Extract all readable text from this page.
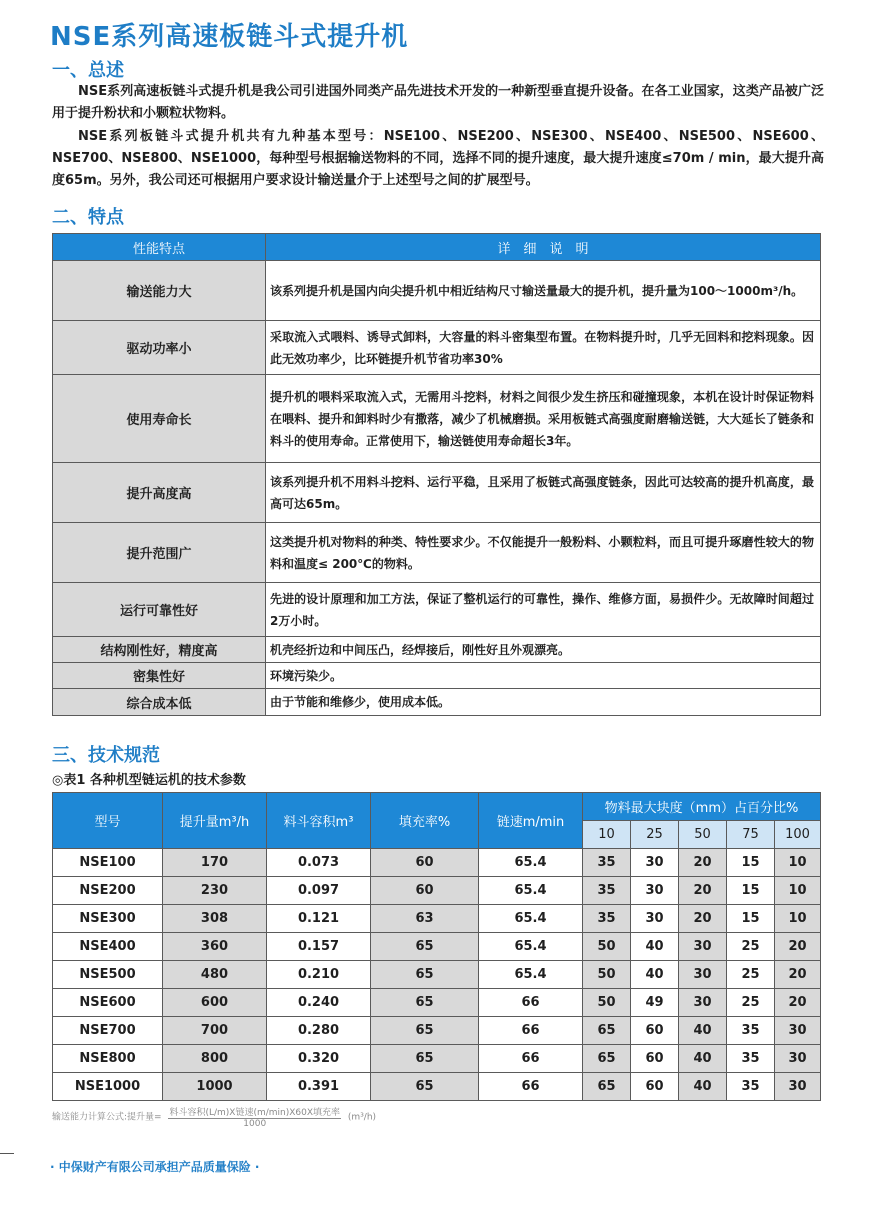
NSE系列高速板链斗式提升机
一、总述

NSE系列高速板链斗式提升机是我公司引进国外同类产品先进技术开发的一种新型垂直提升设备。在各工业国家，这类产品被广泛用于提升粉状和小颗粒状物料。

NSE系列板链斗式提升机共有九种基本型号：NSE100、NSE200、NSE300、NSE400、NSE500、NSE600、NSE700、NSE800、NSE1000，每种型号根据输送物料的不同，选择不同的提升速度，最大提升速度≤70m / min，最大提升高度65m。另外，我公司还可根据用户要求设计输送量介于上述型号之间的扩展型号。

二、特点
性能特点	详　细　说　明
输送能力大	该系列提升机是国内向尖提升机中相近结构尺寸输送量最大的提升机，提升量为100～1000m³/h。
驱动功率小	采取流入式喂料、诱导式卸料，大容量的料斗密集型布置。在物料提升时，几乎无回料和挖料现象。因此无效功率少，比环链提升机节省功率30%
使用寿命长	提升机的喂料采取流入式，无需用斗挖料，材料之间很少发生挤压和碰撞现象，本机在设计时保证物料在喂料、提升和卸料时少有撒落，减少了机械磨损。采用板链式高强度耐磨输送链，大大延长了链条和料斗的使用寿命。正常使用下，输送链使用寿命超长3年。
提升高度高	该系列提升机不用料斗挖料、运行平稳，且采用了板链式高强度链条，因此可达较高的提升机高度，最高可达65m。
提升范围广	这类提升机对物料的种类、特性要求少。不仅能提升一般粉料、小颗粒料，而且可提升琢磨性较大的物料和温度≤ 200℃的物料。
运行可靠性好	先进的设计原理和加工方法，保证了整机运行的可靠性，操作、维修方面，易损件少。无故障时间超过2万小时。
结构刚性好，精度高	机壳经折边和中间压凸，经焊接后，刚性好且外观漂亮。
密集性好	环境污染少。
综合成本低	由于节能和维修少，使用成本低。
三、技术规范

◎表1 各种机型链运机的技术参数

型号	提升量m³/h	料斗容积m³	填充率%	链速m/min	物料最大块度（mm）占百分比%				
					10	25	50	75	100
NSE100	170	0.073	60	65.4	35	30	20	15	10
NSE200	230	0.097	60	65.4	35	30	20	15	10
NSE300	308	0.121	63	65.4	35	30	20	15	10
NSE400	360	0.157	65	65.4	50	40	30	25	20
NSE500	480	0.210	65	65.4	50	40	30	25	20
NSE600	600	0.240	65	66	50	49	30	25	20
NSE700	700	0.280	65	66	65	60	40	35	30
NSE800	800	0.320	65	66	65	60	40	35	30
NSE1000	1000	0.391	65	66	65	60	40	35	30
输送能力计算公式:提升量= $\frac{\text{料斗容积(L/m)X链速(m/min)X60X填充率}}{1000} (m^3/h)$

· 中保财产有限公司承担产品质量保险 ·
